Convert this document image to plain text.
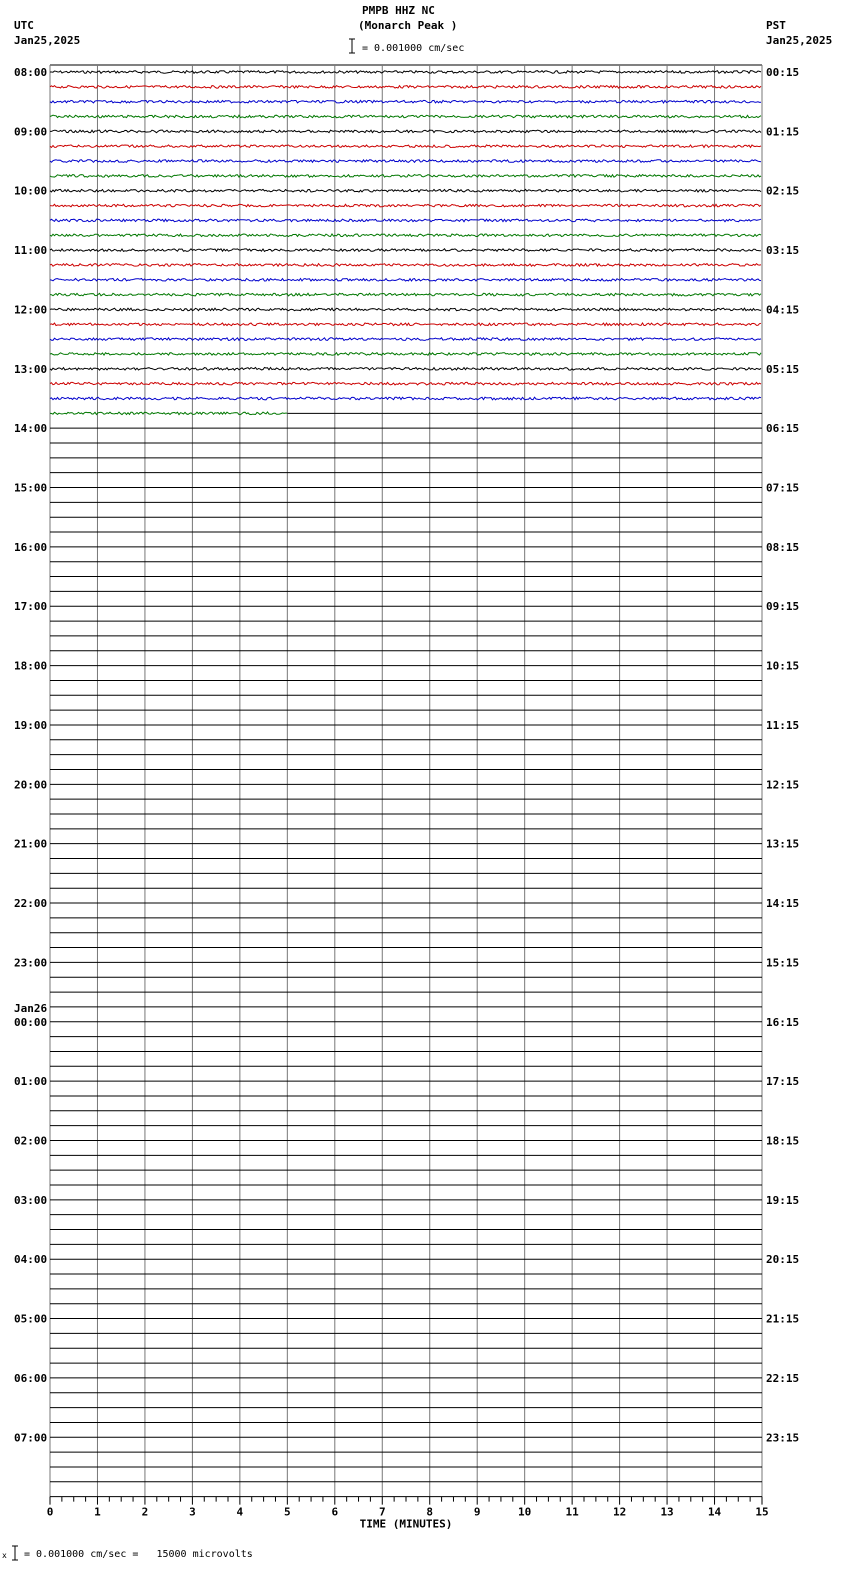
PMPB HHZ NC
(Monarch Peak )
UTC
Jan25,2025
PST
Jan25,2025
= 0.001000 cm/sec
0	1	2	3	4	5	6	7	8	9	10	11	12	13	14	15
TIME (MINUTES)
08:00
09:00
10:00
11:00
12:00
13:00
14:00
15:00
16:00
17:00
18:00
19:00
20:00
21:00
22:00
23:00
Jan26
00:00
01:00
02:00
03:00
04:00
05:00
06:00
07:00
00:15
01:15
02:15
03:15
04:15
05:15
06:15
07:15
08:15
09:15
10:15
11:15
12:15
13:15
14:15
15:15
16:15
17:15
18:15
19:15
20:15
21:15
22:15
23:15
x = 0.001000 cm/sec =   15000 microvolts
